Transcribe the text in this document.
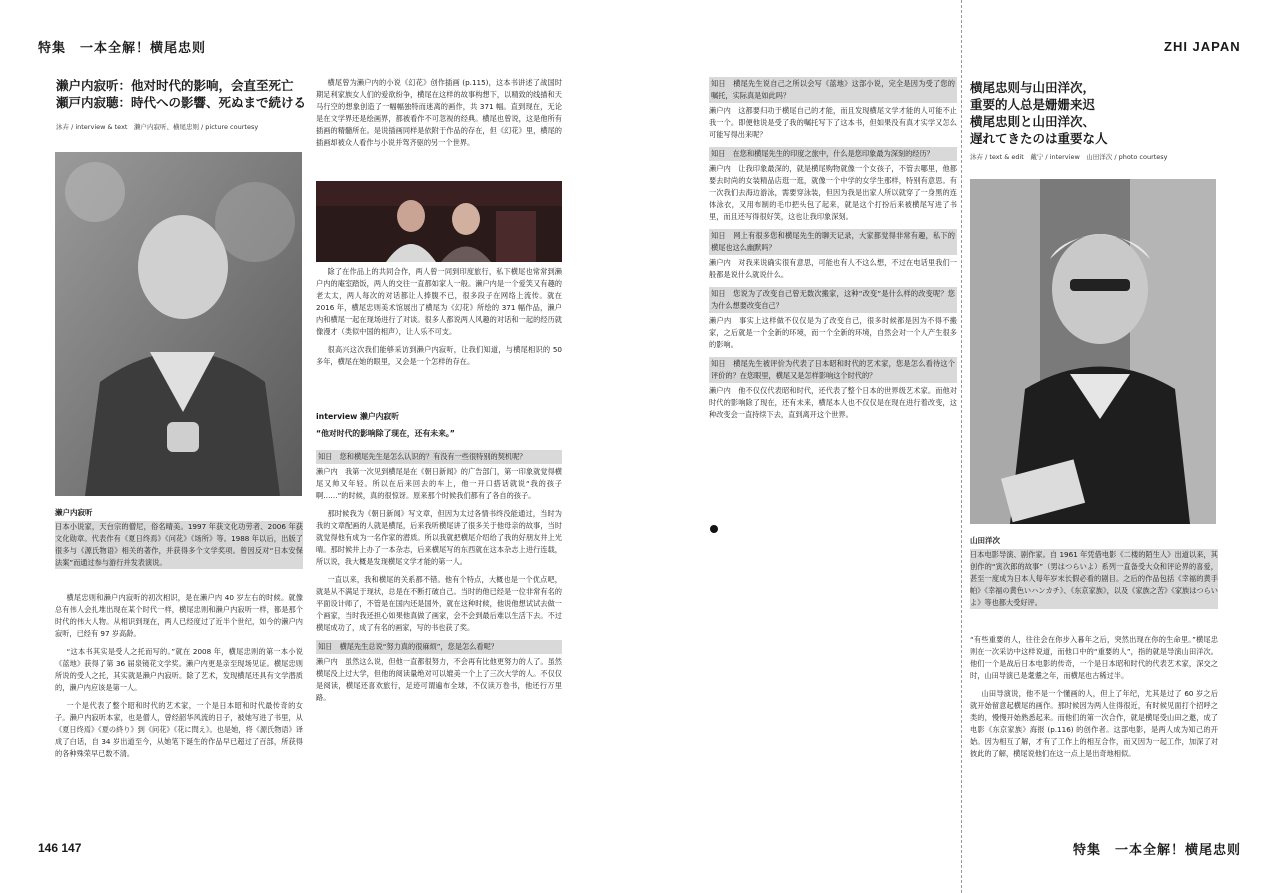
特集　一本全解！横尾忠则	ZHI JAPAN
濑户内寂听：他对时代的影响，会直至死亡
瀬戸内寂聴：時代への影響、死ぬまで続ける
沐卉 / interview & text　濑户内寂听、横尾忠则 / picture courtesy
濑户内寂听
日本小说家，天台宗的僧尼，俗名晴美。1997 年获文化功劳者、2006 年获文化勋章。代表作有《夏日终焉》《问花》《场所》等。1988 年以后，出版了很多与《源氏物语》相关的著作，并获得多个文学奖项。曾因反对“日本安保法案”而通过参与游行并发表演说。

横尾忠则和濑户内寂听的初次相识，是在濑户内 40 岁左右的时候。就像总有伟人会扎堆出现在某个时代一样，横尾忠则和濑户内寂听一样，都是那个时代的伟大人物。从相识到现在，两人已经度过了近半个世纪，如今的濑户内寂听，已经有 97 岁高龄。

“这本书其实是受人之托而写的。”就在 2008 年，横尾忠则的第一本小说《蓝地》获得了第 36 届泉镜花文学奖。濑户内更是亲至现场见证。横尾忠则所说的受人之托，其实就是濑户内寂听。除了艺术，发现横尾还具有文学潜质的，濑户内应该是第一人。

一个是代表了整个昭和时代的艺术家，一个是日本昭和时代最传奇的女子。濑户内寂听本家，也是僧人，曾经韶华风流的日子，被她写进了书里，从《夏日终焉》《夏の終り》到《问花》《花に問え》。也是她，将《源氏物语》译成了白话，自 34 岁出道至今，从她笔下诞生的作品早已超过了百部，所获得的各种殊荣早已数不清。

横尾曾为濑户内的小说《幻花》创作插画 (p.115)，这本书讲述了战国时期足利家族女人们的爱欲纷争，横尾在这样的故事构想下，以精致的线描和天马行空的想象创造了一幅幅独特而迷离的画作，共 371 幅。直到现在，无论是在文学界还是绘画界，都被看作不可忽视的经典。横尾也曾说，这是他所有插画的精髓所在。是说插画同样是依附于作品的存在，但《幻花》里，横尾的插画却被众人看作与小说并驾齐驱的另一个世界。

除了在作品上的共同合作，两人曾一同到印度旅行，私下横尾也常常到濑户内的庵室踏饭，两人的交往一直都如家人一般。濑户内是一个爱笑又有趣的老太太，两人每次的对话都让人捧腹不已，很多段子在网络上流传。就在 2016 年，横尾忠则美术馆展出了横尾为《幻花》所绘的 371 幅作品，濑户内和横尾一起在现场进行了对谈。很多人都说两人风趣的对话和一起的经历就像漫才（类似中国的相声），让人乐不可支。

很高兴这次我们能够采访到濑户内寂听，让我们知道，与横尾相识的 50 多年，横尾在她的眼里，又会是一个怎样的存在。

interview 濑户内寂听
“他对时代的影响除了现在，还有未来。”
知日　您和横尾先生是怎么认识的？有没有一些很特别的契机呢？

濑户内　我第一次见到横尾是在《朝日新闻》的广告部门，第一印象就觉得横尾又帅又年轻。所以在后来回去的车上，他一开口搭话就说“我的孩子啊……”的时候，真的很惊讶。原来那个时候我们都有了各自的孩子。

那时候我为《朝日新闻》写文章，但因为太过各情书终没能通过，当时为我的文章配画的人就是横尾，后来我听横尾讲了很多关于他母亲的故事，当时就觉得他有成为一名作家的潜质。所以我就把横尾介绍给了我的好朋友井上光晴。那时候井上办了一本杂志，后来横尾写的东西就在这本杂志上进行连载，所以说，我大概是发现横尾文学才能的第一人。

一直以来，我和横尾的关系都不错。他有个特点，大概也是一个优点吧，就是从不满足于现状，总是在不断打破自己。当时的他已经是一位非常有名的平面设计师了，不管是在国内还是国外，就在这种时候，他说他想试试去做一个画家，当时我还担心如果他真做了画家，会不会到最后难以生活下去。不过横尾成功了，成了有名的画家，写的书也获了奖。

知日　横尾先生总说“努力真的很麻烦”，您是怎么看呢？

濑户内　虽然这么说，但他一直都很努力，不会再有比他更努力的人了。虽然横尾没上过大学，但他的阅读量绝对可以媲美一个上了三次大学的人。不仅仅是阅读，横尾还喜欢旅行，足迹可谓遍布全球，不仅读万卷书，他还行万里路。

知日　横尾先生说自己之所以会写《蓝地》这部小说，完全是因为受了您的嘱托，实际真是如此吗？

濑户内　这都要归功于横尾自己的才能，而且发现横尾文学才能的人可能不止我一个。即便他说是受了我的嘱托写下了这本书，但如果没有真才实学又怎么可能写得出来呢？

知日　在您和横尾先生的印度之旅中，什么是您印象最为深刻的经历？

濑户内　让我印象最深的，就是横尾购物就像一个女孩子，不管去哪里，他都要去时尚的女装精品店逛一逛，就像一个中学的女学生那样，特别有意思。有一次我们去海边游泳，需要穿泳装，但因为我是出家人所以就穿了一身黑的连体泳衣，又用布制的毛巾把头包了起来，就是这个打扮后来被横尾写进了书里，而且还写得很好笑，这也让我印象深刻。

知日　网上有很多您和横尾先生的聊天记录，大家都觉得非常有趣，私下的横尾也这么幽默吗？

濑户内　对我来说确实很有意思，可能也有人不这么想，不过在电话里我们一般都是说什么就说什么。

知日　您说为了改变自己曾无数次搬家，这种“改变”是什么样的改变呢？您为什么想要改变自己？

濑户内　事实上这样做不仅仅是为了改变自己，很多时候都是因为不得不搬家，之后就是一个全新的环境，而一个全新的环境，自然会对一个人产生很多的影响。

知日　横尾先生被评价为代表了日本昭和时代的艺术家，您是怎么看待这个评价的？在您眼里，横尾又是怎样影响这个时代的？

濑户内　他不仅仅代表昭和时代，还代表了整个日本的世界级艺术家。而他对时代的影响除了现在，还有未来，横尾本人也不仅仅是在现在进行着改变，这种改变会一直持续下去，直到离开这个世界。

横尾忠则与山田洋次，
重要的人总是姗姗来迟
横尾忠則と山田洋次、
遅れてきたのは重要な人
沐卉 / text & edit　戴宁 / interview　山田洋次 / photo courtesy
山田洋次
日本电影导演、剧作家。自 1961 年凭借电影《二楼的陌生人》出道以来，其创作的“寅次郎的故事”（男はつらいよ）系列一直备受大众和评论界的喜爱，甚至一度成为日本人每年岁末长假必看的剧目。之后的作品包括《幸福的黄手帕》《幸福の黄色いハンカチ》、《东京家族》，以及《家族之苦》《家族はつらいよ》等也都大受好评。

“有些重要的人，往往会在你步入暮年之后，突然出现在你的生命里。”横尾忠则在一次采访中这样说道，而他口中的“重要的人”，指的就是导演山田洋次。他们一个是战后日本电影的传奇，一个是日本昭和时代的代表艺术家，深交之时，山田导演已是耄耋之年，而横尾也古稀过半。

山田导演说，他不是一个懂画的人，但上了年纪，尤其是过了 60 岁之后就开始留意起横尾的画作。那时候因为两人住得很近，有时候见面打个招呼之类的，慢慢开始熟悉起来。而他们的第一次合作，就是横尾受山田之邀，成了电影《东京家族》海报 (p.116) 的创作者。这部电影，是两人成为知己的开始。因为相互了解，才有了工作上的相互合作，而又因为一起工作，加深了对彼此的了解，横尾说他们在这一点上是出奇地相似。

146 147	特集　一本全解！横尾忠则
